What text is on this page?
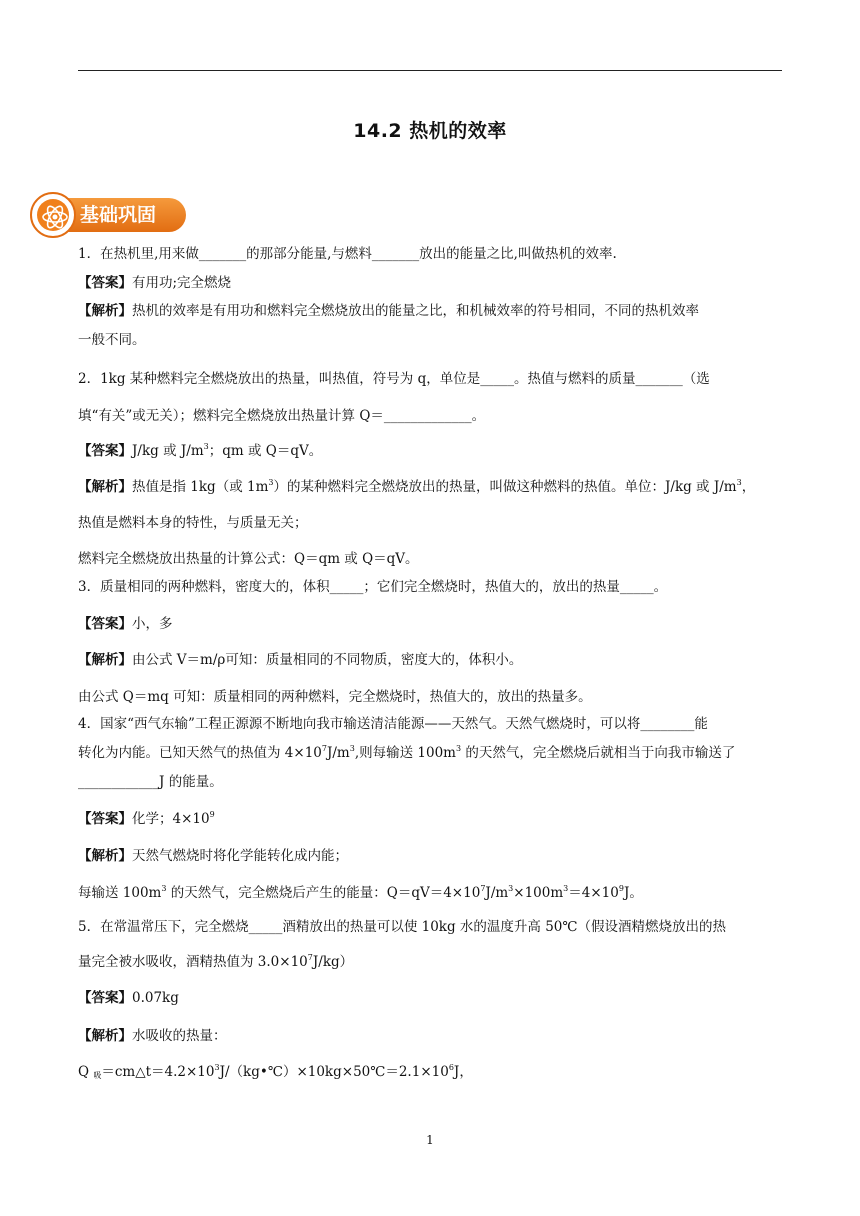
14.2 热机的效率
基础巩固
1．在热机里,用来做_______的那部分能量,与燃料_______放出的能量之比,叫做热机的效率.
【答案】有用功;完全燃烧
【解析】热机的效率是有用功和燃料完全燃烧放出的能量之比，和机械效率的符号相同，不同的热机效率
一般不同。
2．1kg 某种燃料完全燃烧放出的热量，叫热值，符号为 q，单位是_____。热值与燃料的质量_______（选
填“有关”或无关）；燃料完全燃烧放出热量计算 Q＝_____________。
【答案】J/kg 或 $J/m^3$；qm 或 Q＝qV。
【解析】热值是指 1kg（或 $1m^3$）的某种燃料完全燃烧放出的热量，叫做这种燃料的热值。单位：J/kg 或 $J/m^3$，
热值是燃料本身的特性，与质量无关；
燃料完全燃烧放出热量的计算公式：Q＝qm 或 Q＝qV。
3．质量相同的两种燃料，密度大的，体积_____；它们完全燃烧时，热值大的，放出的热量_____。
【答案】小，多
【解析】由公式 V＝m/ρ可知：质量相同的不同物质，密度大的，体积小。
由公式 Q＝mq 可知：质量相同的两种燃料，完全燃烧时，热值大的，放出的热量多。
4．国家“西气东输”工程正源源不断地向我市输送清洁能源——天然气。天然气燃烧时，可以将________能
转化为内能。已知天然气的热值为 $4\times 10^7J/m^3$,则每输送 $100m^3$ 的天然气，完全燃烧后就相当于向我市输送了
____________J 的能量。
【答案】化学；$4\times 10^9$
【解析】天然气燃烧时将化学能转化成内能；
每输送 $100m^3$ 的天然气，完全燃烧后产生的能量：$Q=qV=4\times 10^7J/m^3\times 100m^3=4\times 10^9J$。
5．在常温常压下，完全燃烧_____酒精放出的热量可以使 10kg 水的温度升高 50℃（假设酒精燃烧放出的热
量完全被水吸收，酒精热值为 $3.0\times 10^7J/kg$）
【答案】0.07kg
【解析】水吸收的热量：
Q $_吸=cm\triangle t=4.2\times 10^3J/(kg•℃)\times 10kg\times 50℃=2.1\times 10^6J$，
1
